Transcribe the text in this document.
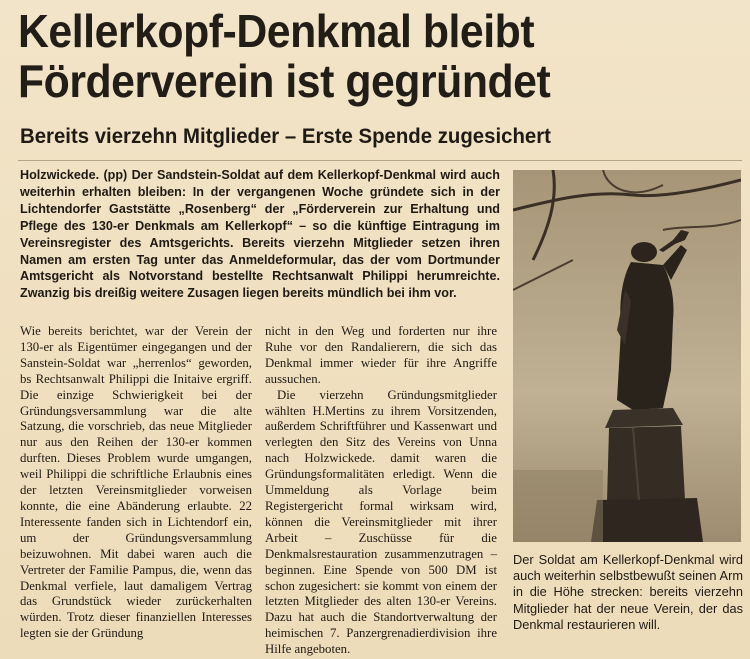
Kellerkopf-Denkmal bleibt Förderverein ist gegründet
Bereits vierzehn Mitglieder – Erste Spende zugesichert
Holzwickede. (pp) Der Sandstein-Soldat auf dem Kellerkopf-Denkmal wird auch weiterhin erhalten bleiben: In der vergangenen Woche gründete sich in der Lichtendorfer Gaststätte „Rosenberg“ der „Förderverein zur Erhaltung und Pflege des 130-er Denkmals am Kellerkopf“ – so die künftige Eintragung im Vereinsregister des Amtsgerichts. Bereits vierzehn Mitglieder setzen ihren Namen am ersten Tag unter das Anmeldeformular, das der vom Dortmunder Amtsgericht als Notvorstand bestellte Rechtsanwalt Philippi herumreichte. Zwanzig bis dreißig weitere Zusagen liegen bereits mündlich bei ihm vor.

Wie bereits berichtet, war der Verein der 130-er als Eigentümer eingegangen und der Sanstein-Soldat war „herrenlos“ geworden, bs Rechtsanwalt Philippi die Initaive ergriff. Die einzige Schwierigkeit bei der Gründungsversammlung war die alte Satzung, die vorschrieb, das neue Mitglieder nur aus den Reihen der 130-er kommen durften. Dieses Problem wurde umgangen, weil Philippi die schriftliche Erlaubnis eines der letzten Vereinsmitglieder vorweisen konnte, die eine Abänderung erlaubte. 22 Interessente fanden sich in Lichtendorf ein, um der Gründungsversammlung beizuwohnen. Mit dabei waren auch die Vertreter der Familie Pampus, die, wenn das Denkmal verfiele, laut damaligem Vertrag das Grundstück wieder zurückerhalten würden. Trotz dieser finanziellen Interesses legten sie der Gründung

nicht in den Weg und forderten nur ihre Ruhe vor den Randalierern, die sich das Denkmal immer wieder für ihre Angriffe aussuchen.

Die vierzehn Gründungsmitglieder wählten H.Mertins zu ihrem Vorsitzenden, außerdem Schriftführer und Kassenwart und verlegten den Sitz des Vereins von Unna nach Holzwickede. damit waren die Gründungsformalitäten erledigt. Wenn die Ummeldung als Vorlage beim Registergericht formal wirksam wird, können die Vereinsmitglieder mit ihrer Arbeit – Zuschüsse für die Denkmalsrestauration zusammenzutragen – beginnen. Eine Spende von 500 DM ist schon zugesichert: sie kommt von einem der letzten Mitglieder des alten 130-er Vereins. Dazu hat auch die Standortverwaltung der heimischen 7. Panzergrenadierdivision ihre Hilfe angeboten.

Der Soldat am Kellerkopf-Denkmal wird auch weiterhin selbstbewußt seinen Arm in die Höhe strecken: bereits vierzehn Mitglieder hat der neue Verein, der das Denkmal restaurieren will.
